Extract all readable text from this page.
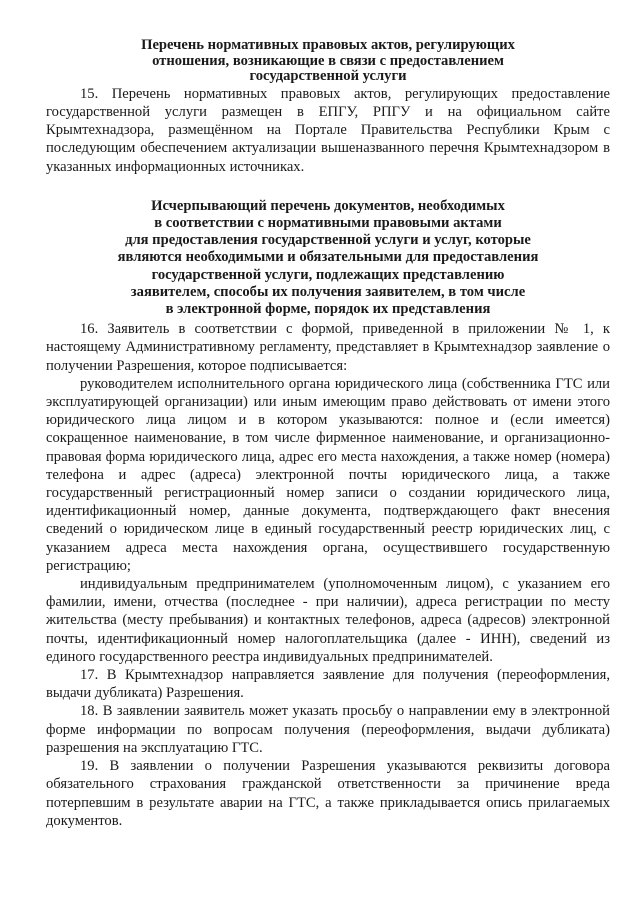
Перечень нормативных правовых актов, регулирующих
отношения, возникающие в связи с предоставлением
государственной услуги

15. Перечень нормативных правовых актов, регулирующих предоставление государственной услуги размещен в ЕПГУ, РПГУ и на официальном сайте Крымтехнадзора, размещённом на Портале Правительства Республики Крым с последующим обеспечением актуализации вышеназванного перечня Крымтехнадзором в указанных информационных источниках.

Исчерпывающий перечень документов, необходимых
в соответствии с нормативными правовыми актами
для предоставления государственной услуги и услуг, которые
являются необходимыми и обязательными для предоставления
государственной услуги, подлежащих представлению
заявителем, способы их получения заявителем, в том числе
в электронной форме, порядок их представления

16. Заявитель в соответствии с формой, приведенной в приложении № 1, к настоящему Административному регламенту, представляет в Крымтехнадзор заявление о получении Разрешения, которое подписывается:

руководителем исполнительного органа юридического лица (собственника ГТС или эксплуатирующей организации) или иным имеющим право действовать от имени этого юридического лица лицом и в котором указываются: полное и (если имеется) сокращенное наименование, в том числе фирменное наименование, и организационно-правовая форма юридического лица, адрес его места нахождения, а также номер (номера) телефона и адрес (адреса) электронной почты юридического лица, а также государственный регистрационный номер записи о создании юридического лица, идентификационный номер, данные документа, подтверждающего факт внесения сведений о юридическом лице в единый государственный реестр юридических лиц, с указанием адреса места нахождения органа, осуществившего государственную регистрацию;

индивидуальным предпринимателем (уполномоченным лицом), с указанием его фамилии, имени, отчества (последнее - при наличии), адреса регистрации по месту жительства (месту пребывания) и контактных телефонов, адреса (адресов) электронной почты, идентификационный номер налогоплательщика (далее - ИНН), сведений из единого государственного реестра индивидуальных предпринимателей.

17. В Крымтехнадзор направляется заявление для получения (переоформления, выдачи дубликата) Разрешения.

18. В заявлении заявитель может указать просьбу о направлении ему в электронной форме информации по вопросам получения (переоформления, выдачи дубликата) разрешения на эксплуатацию ГТС.

19. В заявлении о получении Разрешения указываются реквизиты договора обязательного страхования гражданской ответственности за причинение вреда потерпевшим в результате аварии на ГТС, а также прикладывается опись прилагаемых документов.
